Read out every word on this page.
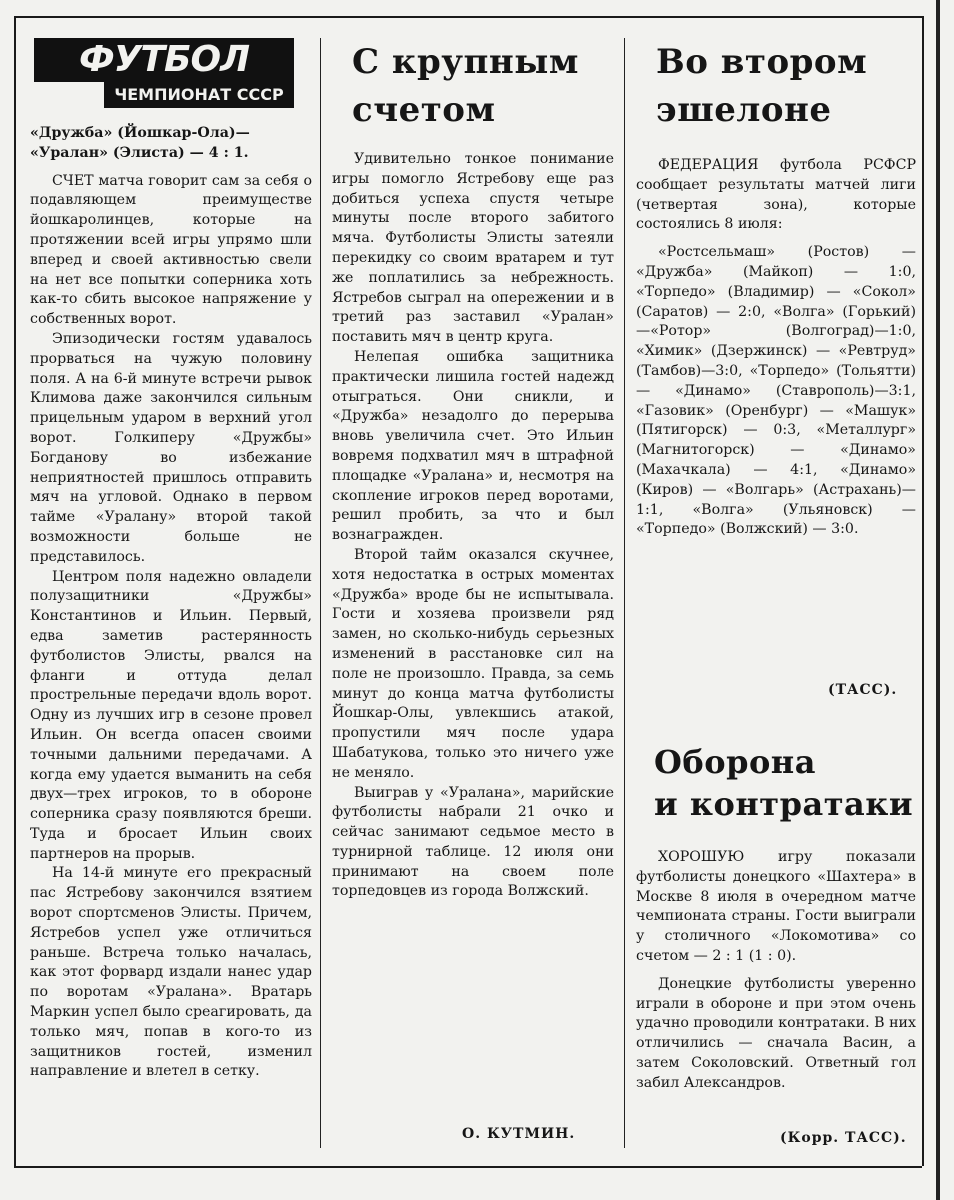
ФУТБОЛ
ЧЕМПИОНАТ СССР
С крупным
счетом

«Дружба» (Йошкар-Ола)— «Уралан» (Элиста) — 4 : 1.

СЧЕТ матча говорит сам за себя о подавляющем преимуществе йошкаролинцев, которые на протяжении всей игры упрямо шли вперед и своей активностью свели на нет все попытки соперника хоть как-то сбить высокое напряжение у собственных ворот.

Эпизодически гостям удавалось прорваться на чужую половину поля. А на 6-й минуте встречи рывок Климова даже закончился сильным прицельным ударом в верхний угол ворот. Голкиперу «Дружбы» Богданову во избежание неприятностей пришлось отправить мяч на угловой. Однако в первом тайме «Уралану» второй такой возможности больше не представилось.

Центром поля надежно овладели полузащитники «Дружбы» Константинов и Ильин. Первый, едва заметив растерянность футболистов Элисты, рвался на фланги и оттуда делал прострельные передачи вдоль ворот. Одну из лучших игр в сезоне провел Ильин. Он всегда опасен своими точными дальними передачами. А когда ему удается выманить на себя двух—трех игроков, то в обороне соперника сразу появляются бреши. Туда и бросает Ильин своих партнеров на прорыв.

На 14-й минуте его прекрасный пас Ястребову закончился взятием ворот спортсменов Элисты. Причем, Ястребов успел уже отличиться раньше. Встреча только началась, как этот форвард издали нанес удар по воротам «Уралана». Вратарь Маркин успел было среагировать, да только мяч, попав в кого-то из защитников гостей, изменил направление и влетел в сетку.

Удивительно тонкое понимание игры помогло Ястребову еще раз добиться успеха спустя четыре минуты после второго забитого мяча. Футболисты Элисты затеяли перекидку со своим вратарем и тут же поплатились за небрежность. Ястребов сыграл на опережении и в третий раз заставил «Уралан» поставить мяч в центр круга.

Нелепая ошибка защитника практически лишила гостей надежд отыграться. Они сникли, и «Дружба» незадолго до перерыва вновь увеличила счет. Это Ильин вовремя подхватил мяч в штрафной площадке «Уралана» и, несмотря на скопление игроков перед воротами, решил пробить, за что и был вознагражден.

Второй тайм оказался скучнее, хотя недостатка в острых моментах «Дружба» вроде бы не испытывала. Гости и хозяева произвели ряд замен, но сколько-нибудь серьезных изменений в расстановке сил на поле не произошло. Правда, за семь минут до конца матча футболисты Йошкар-Олы, увлекшись атакой, пропустили мяч после удара Шабатукова, только это ничего уже не меняло.

Выиграв у «Уралана», марийские футболисты набрали 21 очко и сейчас занимают седьмое место в турнирной таблице. 12 июля они принимают на своем поле торпедовцев из города Волжский.

О. КУТМИН.
Во втором
эшелоне

ФЕДЕРАЦИЯ футбола РСФСР сообщает результаты матчей лиги (четвертая зона), которые состоялись 8 июля:

«Ростсельмаш» (Ростов) — «Дружба» (Майкоп) — 1:0, «Торпедо» (Владимир) — «Сокол» (Саратов) — 2:0, «Волга» (Горький)—«Ротор» (Волгоград)—1:0, «Химик» (Дзержинск) — «Ревтруд» (Тамбов)—3:0, «Торпедо» (Тольятти) — «Динамо» (Ставрополь)—3:1, «Газовик» (Оренбург) — «Машук» (Пятигорск) — 0:3, «Металлург» (Магнитогорск) — «Динамо» (Махачкала) — 4:1, «Динамо» (Киров) — «Волгарь» (Астрахань)—1:1, «Волга» (Ульяновск) — «Торпедо» (Волжский) — 3:0.

(ТАСС).
Оборона
и контратаки

ХОРОШУЮ игру показали футболисты донецкого «Шахтера» в Москве 8 июля в очередном матче чемпионата страны. Гости выиграли у столичного «Локомотива» со счетом — 2 : 1 (1 : 0).

Донецкие футболисты уверенно играли в обороне и при этом очень удачно проводили контратаки. В них отличились — сначала Васин, а затем Соколовский. Ответный гол забил Александров.

(Корр. ТАСС).
